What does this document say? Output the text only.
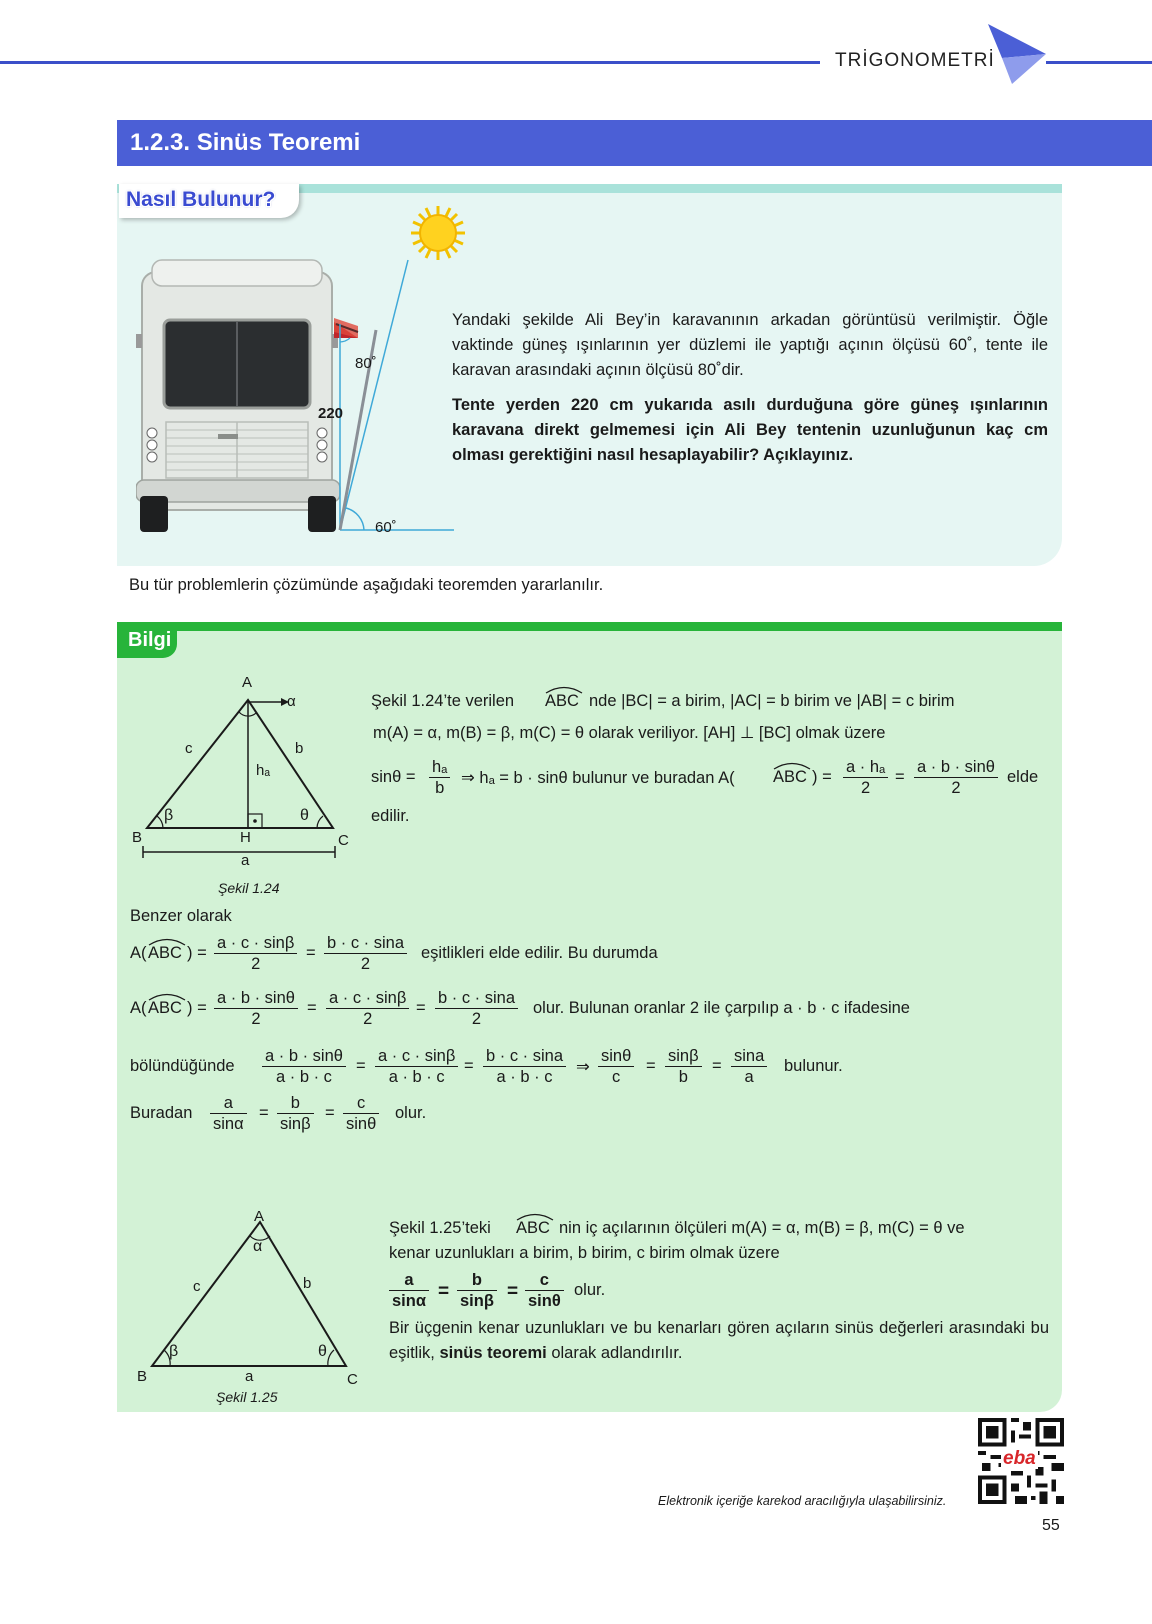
TRİGONOMETRİ
1.2.3. Sinüs Teoremi
Nasıl Bulunur?
80˚
220
60˚
Yandaki şekilde Ali Bey’in karavanının arkadan görüntüsü verilmiştir. Öğle vaktinde güneş ışınlarının yer düzlemi ile yaptığı açının ölçüsü 60˚, tente ile karavan arasındaki açının ölçüsü 80˚dir.
Tente yerden 220 cm yukarıda asılı durduğuna göre güneş ışınlarının karavana direkt gelmemesi için Ali Bey tentenin uzunluğunun kaç cm olması gerektiğini nasıl hesaplayabilir? Açıklayınız.
Bu tür problemlerin çözümünde aşağıdaki teoremden yararlanılır.
Bilgi
A
α
c	b
hₐ
β	θ
B	H	C
a
Şekil 1.24
Şekil 1.24’te verilen ABC nde |BC| = a birim, |AC| = b birim ve |AB| = c birim
m(A) = α, m(B) = β, m(C) = θ olarak veriliyor. [AH] ⊥ [BC] olmak üzere
$\sin\theta = \frac{\text{hₐ}}{b}$ ⇒ hₐ = b · sinθ bulunur ve buradan A( ABC ) = $\frac{\text{a · hₐ}}{2} = \frac{a \cdot b \cdot \sin\theta}{2}$ elde
edilir.
Benzer olarak
A( ABC ) = $\frac{a \cdot c \cdot \sin\beta}{2} = \frac{b \cdot c \cdot \sin a}{2}$ eşitlikleri elde edilir. Bu durumda
A( ABC ) = $\frac{a \cdot b \cdot \sin\theta}{2} = \frac{a \cdot c \cdot \sin\beta}{2} = \frac{b \cdot c \cdot \sin a}{2}$ olur. Bulunan oranlar 2 ile çarpılıp a · b · c ifadesine
bölündüğünde $\frac{a \cdot b \cdot \sin\theta}{a \cdot b \cdot c} = \frac{a \cdot c \cdot \sin\beta}{a \cdot b \cdot c} = \frac{b \cdot c \cdot \sin a}{a \cdot b \cdot c}$ ⇒ $\frac{\sin\theta}{c} = \frac{\sin\beta}{b} = \frac{\sin a}{a}$ bulunur.
Buradan $\frac{a}{\sin\alpha} = \frac{b}{\sin\beta} = \frac{c}{\sin\theta}$ olur.
A
α
c	b
β	θ
B	a	C
Şekil 1.25
Şekil 1.25’teki ABC nin iç açılarının ölçüleri m(A) = α, m(B) = β, m(C) = θ ve
kenar uzunlukları a birim, b birim, c birim olmak üzere
$\frac{a}{\sin\alpha} = \frac{b}{\sin\beta} = \frac{c}{\sin\theta}$ olur.
Bir üçgenin kenar uzunlukları ve bu kenarları gören açıların sinüs değerleri arasındaki bu eşitlik, sinüs teoremi olarak adlandırılır.
eba
Elektronik içeriğe karekod aracılığıyla ulaşabilirsiniz.
55
